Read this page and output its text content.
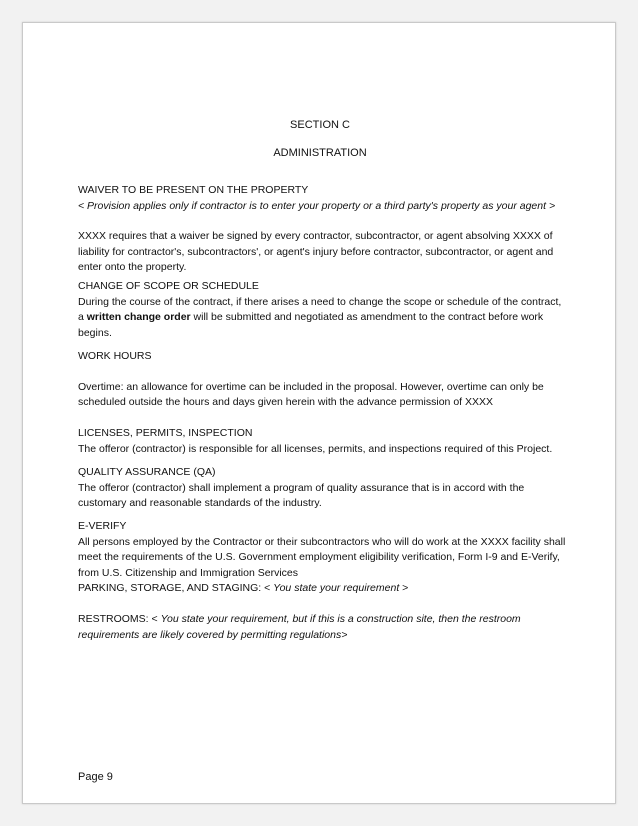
SECTION C
ADMINISTRATION

WAIVER TO BE PRESENT ON THE PROPERTY

< Provision applies only if contractor is to enter your property or a third party's property as your agent >

XXXX requires that a waiver be signed by every contractor, subcontractor, or agent absolving XXXX of liability for contractor's, subcontractors', or agent's injury before contractor, subcontractor, or agent and enter onto the property.

CHANGE OF SCOPE OR SCHEDULE

During the course of the contract, if there arises a need to change the scope or schedule of the contract, a written change order will be submitted and negotiated as amendment to the contract before work begins.

WORK HOURS

Overtime: an allowance for overtime can be included in the proposal. However, overtime can only be scheduled outside the hours and days given herein with the advance permission of XXXX

LICENSES, PERMITS, INSPECTION

The offeror (contractor) is responsible for all licenses, permits, and inspections required of this Project.

QUALITY ASSURANCE (QA)

The offeror (contractor) shall implement a program of quality assurance that is in accord with the customary and reasonable standards of the industry.

E-VERIFY

All persons employed by the Contractor or their subcontractors who will do work at the XXXX facility shall meet the requirements of the U.S. Government employment eligibility verification, Form I-9 and E-Verify, from U.S. Citizenship and Immigration Services

PARKING, STORAGE, AND STAGING: < You state your requirement >

RESTROOMS: < You state your requirement, but if this is a construction site, then the restroom requirements are likely covered by permitting regulations>

Page 9
